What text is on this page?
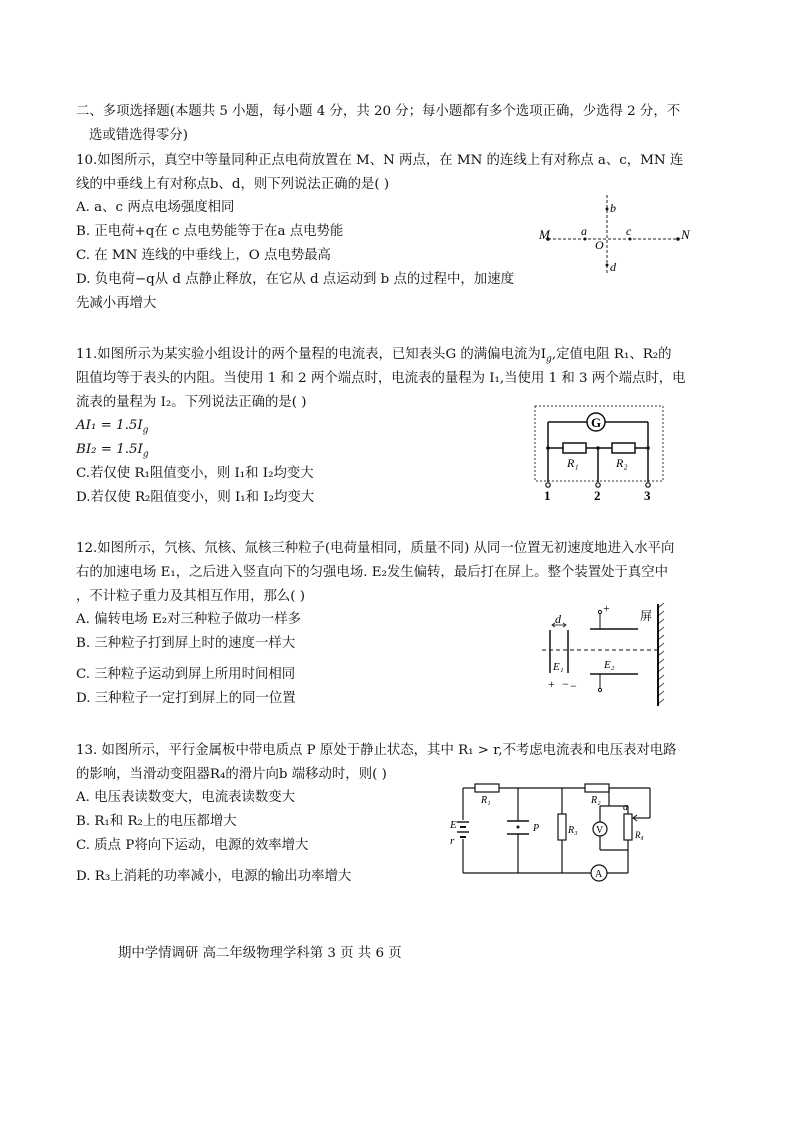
二、多项选择题(本题共 5 小题，每小题 4 分，共 20 分；每小题都有多个选项正确，少选得 2 分，不
选或错选得零分)
10.如图所示，真空中等量同种正点电荷放置在 M、N 两点，在 MN 的连线上有对称点 a、c，MN 连
线的中垂线上有对称点b、d，则下列说法正确的是( )
A. a、c 两点电场强度相同
B. 正电荷+q在 c 点电势能等于在a 点电势能
C. 在 MN 连线的中垂线上，O 点电势最高
D. 负电荷−q从 d 点静止释放，在它从 d 点运动到 b 点的过程中，加速度
先减小再增大
M	N
a	c
O
b
d
11.如图所示为某实验小组设计的两个量程的电流表，已知表头G 的满偏电流为$I_g$,定值电阻 R₁、R₂的
阻值均等于表头的内阻。当使用 1 和 2 两个端点时，电流表的量程为 I₁,当使用 1 和 3 两个端点时，电
流表的量程为 I₂。下列说法正确的是( )
$AI_1 = 1.5I_g$
$BI_2 = 1.5I_g$
C.若仅使 R₁阻值变小，则 I₁和 I₂均变大
D.若仅使 R₂阻值变小，则 I₁和 I₂均变大
G
R₁	R₂
1	2	3
12.如图所示，氕核、氘核、氚核三种粒子(电荷量相同，质量不同) 从同一位置无初速度地进入水平向
右的加速电场 E₁，之后进入竖直向下的匀强电场. E₂发生偏转，最后打在屏上。整个装置处于真空中
，不计粒子重力及其相互作用，那么( )
A. 偏转电场 E₂对三种粒子做功一样多
B. 三种粒子打到屏上时的速度一样大
C. 三种粒子运动到屏上所用时间相同
D. 三种粒子一定打到屏上的同一位置
d
+
−
E₁	E₂
+ −
屏
13. 如图所示，平行金属板中带电质点 P 原处于静止状态，其中 R₁ > r,不考虑电流表和电压表对电路
的影响，当滑动变阻器R₄的滑片向b 端移动时，则( )
A. 电压表读数变大，电流表读数变大
B. R₁和 R₂上的电压都增大
C. 质点 P将向下运动，电源的效率增大
D. R₃上消耗的功率减小，电源的输出功率增大	A
E
r
R₁	R₂
P	R₃ V
a
R₄
期中学情调研 高二年级物理学科第 3 页 共 6 页
